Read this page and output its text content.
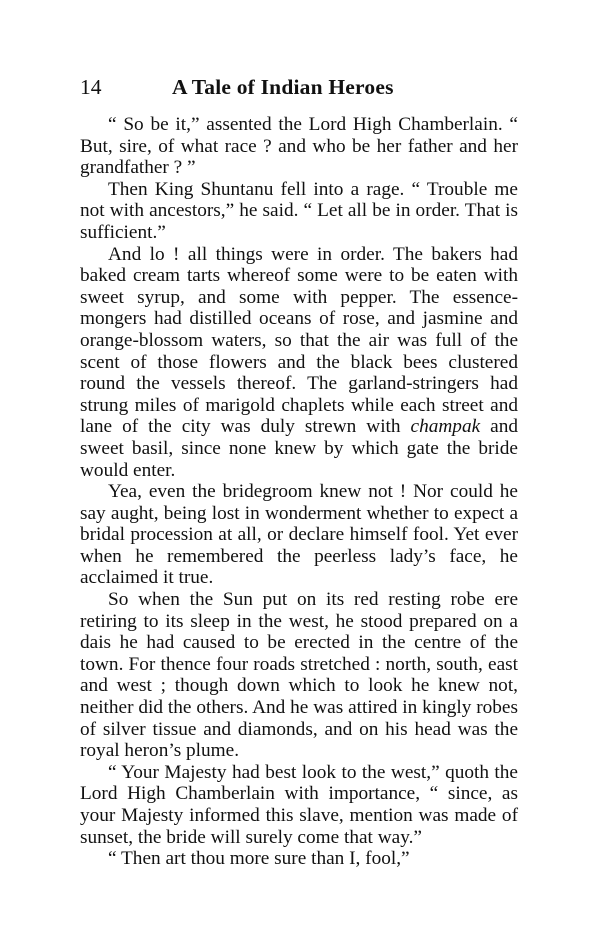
14	A Tale of Indian Heroes

“ So be it,” assented the Lord High Chamberlain. “ But, sire, of what race ? and who be her father and her grandfather ? ”

Then King Shuntanu fell into a rage. “ Trouble me not with ancestors,” he said. “ Let all be in order. That is sufficient.”

And lo ! all things were in order. The bakers had baked cream tarts whereof some were to be eaten with sweet syrup, and some with pepper. The essence-mongers had distilled oceans of rose, and jasmine and orange-blossom waters, so that the air was full of the scent of those flowers and the black bees clustered round the vessels thereof. The garland-stringers had strung miles of marigold chaplets while each street and lane of the city was duly strewn with champak and sweet basil, since none knew by which gate the bride would enter.

Yea, even the bridegroom knew not ! Nor could he say aught, being lost in wonderment whether to expect a bridal procession at all, or declare himself fool. Yet ever when he remembered the peerless lady’s face, he acclaimed it true.

So when the Sun put on its red resting robe ere retiring to its sleep in the west, he stood prepared on a dais he had caused to be erected in the centre of the town. For thence four roads stretched : north, south, east and west ; though down which to look he knew not, neither did the others. And he was attired in kingly robes of silver tissue and diamonds, and on his head was the royal heron’s plume.

“ Your Majesty had best look to the west,” quoth the Lord High Chamberlain with importance, “ since, as your Majesty informed this slave, mention was made of sunset, the bride will surely come that way.”

“ Then art thou more sure than I, fool,”
